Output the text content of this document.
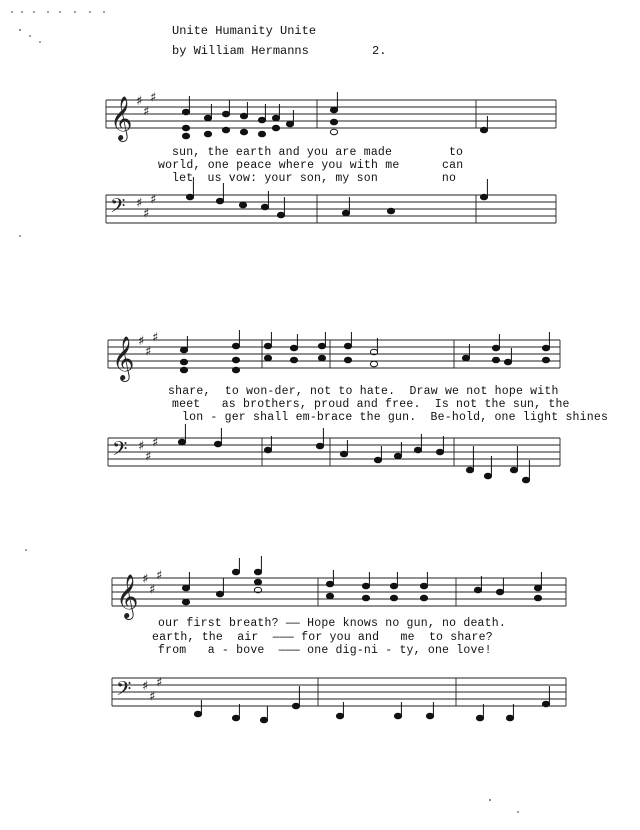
Unite Humanity Unite
by William Hermanns	2.
𝄞 ♯
♯
♯
𝄢 ♯
♯
♯
𝄞 ♯
♯
♯
𝄢 ♯
♯
♯
𝄞 ♯
♯
♯
𝄢 ♯
♯
♯
sun, the earth and you are made        to
world, one peace where you with me      can
let  us vow: your son, my son         no
share,  to won-der, not to hate.  Draw we not hope with
meet   as brothers, proud and free.  Is not the sun, the
lon - ger shall em-brace the gun.  Be-hold, one light shines
our first breath? —— Hope knows no gun, no death.
earth, the  air  ——— for you and   me  to share?
from   a - bove  ——— one dig-ni - ty, one love!
